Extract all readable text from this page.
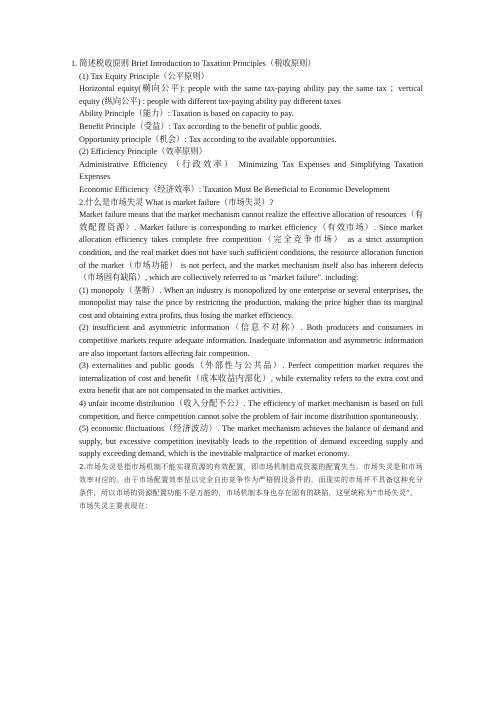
1. 简述税收原则 Brief Introduction to Taxation Principles（税收原则）

(1) Tax Equity Principle（公平原则）

Horizontal equity(横向公平): people with the same tax-paying ability pay the same tax ；vertical equity (纵向公平) : people with different tax-paying ability pay different taxes

Ability Principle（能力）: Taxation is based on capacity to pay.

Benefit Principle（受益）: Tax according to the benefit of public goods.

Opportunity principle（机会）: Tax according to the available opportunities.

(2) Efficiency Principle（效率原则）

Administrative Efficiency （行政效率） Minimizing Tax Expenses and Simplifying Taxation Expenses

Economic Efficiency（经济效率）: Taxation Must Be Beneficial to Economic Development

2.什么是市场失灵 What is market failure（市场失灵）?

Market failure means that the market mechanism cannot realize the effective allocation of resources（有效配置资源）. Market failure is corresponding to market efficiency（有效市场）. Since market allocation efficiency takes complete free competition（完全竞争市场） as a strict assumption condition, and the real market does not have such sufficient conditions, the resource allocation function of the market（市场功能） is not perfect, and the market mechanism itself also has inherent defects（市场固有缺陷）, which are collectively referred to as "market failure". including:

(1) monopoly（垄断）. When an industry is monopolized by one enterprise or several enterprises, the monopolist may raise the price by restricting the production, making the price higher than its marginal cost and obtaining extra profits, thus losing the market efficiency.

(2) insufficient and asymmetric information（信息不对称）. Both producers and consumers in competitive markets require adequate information. Inadequate information and asymmetric information are also important factors affecting fair competition.

(3) externalities and public goods（外部性与公共品）. Perfect competition market requires the internalization of cost and benefit（成本收益内部化）, while externality refers to the extra cost and extra benefit that are not compensated in the market activities.

4) unfair income distribution（收入分配不公）. The efficiency of market mechanism is based on full competition, and fierce competition cannot solve the problem of fair income distribution spontaneously.

(5) economic fluctuations（经济波动）. The market mechanism achieves the balance of demand and supply, but excessive competition inevitably leads to the repetition of demand exceeding supply and supply exceeding demand, which is the inevitable malpractice of market economy.

2.市场失灵是指市场机制不能实现资源的有效配置，即市场机制造成资源的配置失当。市场失灵是和市场效率对应的。由于市场配置效率是以完全自由竞争作为严格假设条件的，而现实的市场并不具备这种充分条件，所以市场的资源配置功能不是万能的，市场机制本身也存在固有的缺陷，这里统称为“市场失灵”。

市场失灵主要表现在：
